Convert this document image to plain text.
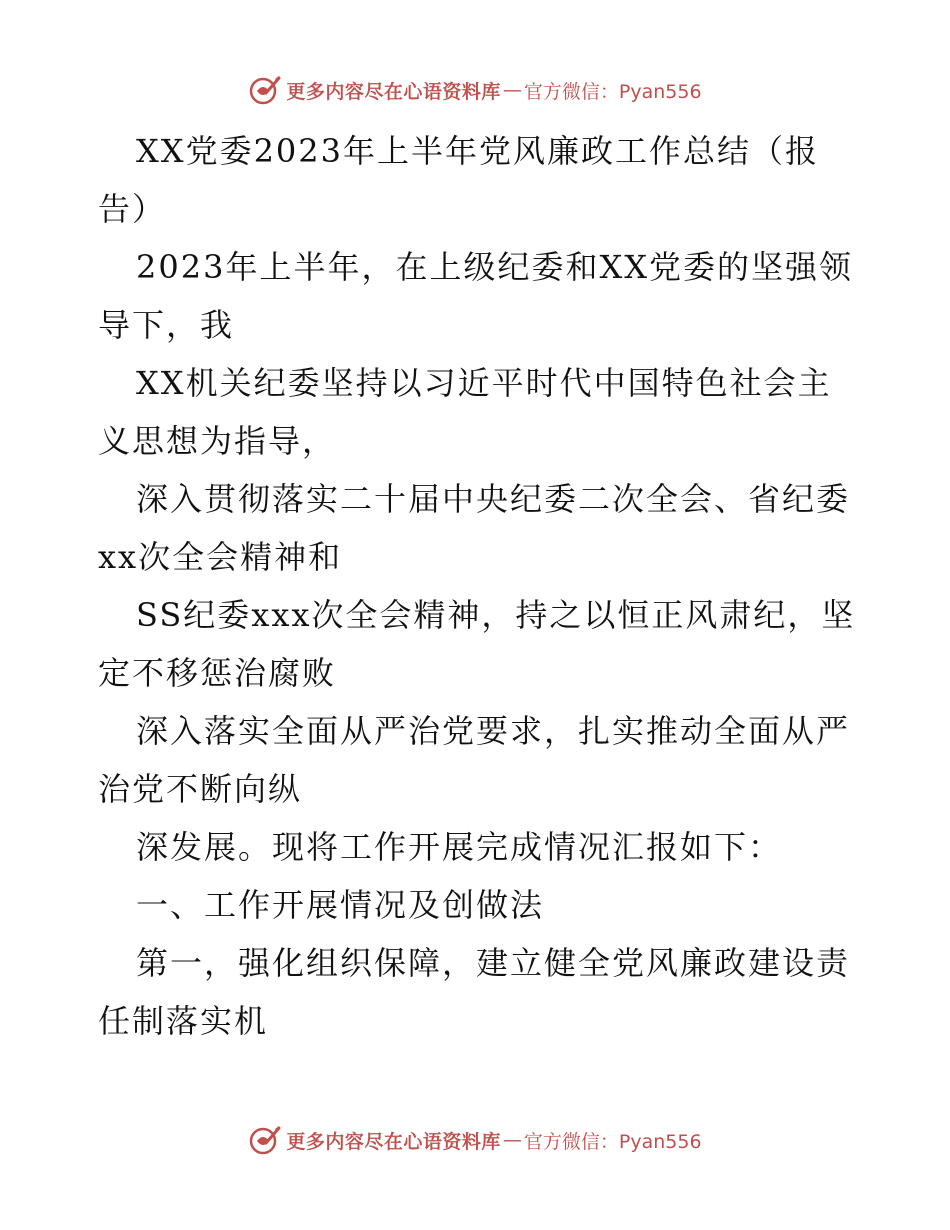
更多内容尽在心语资料库 — 官方微信：Pyan556
XX党委2023年上半年党风廉政工作总结（报
告）
2023年上半年，在上级纪委和XX党委的坚强领
导下，我
XX机关纪委坚持以习近平时代中国特色社会主
义思想为指导，
深入贯彻落实二十届中央纪委二次全会、省纪委
xx次全会精神和
SS纪委xxx次全会精神，持之以恒正风肃纪，坚
定不移惩治腐败
深入落实全面从严治党要求，扎实推动全面从严
治党不断向纵
深发展。现将工作开展完成情况汇报如下：
一、工作开展情况及创做法
第一，强化组织保障，建立健全党风廉政建设责
任制落实机
更多内容尽在心语资料库 — 官方微信：Pyan556
